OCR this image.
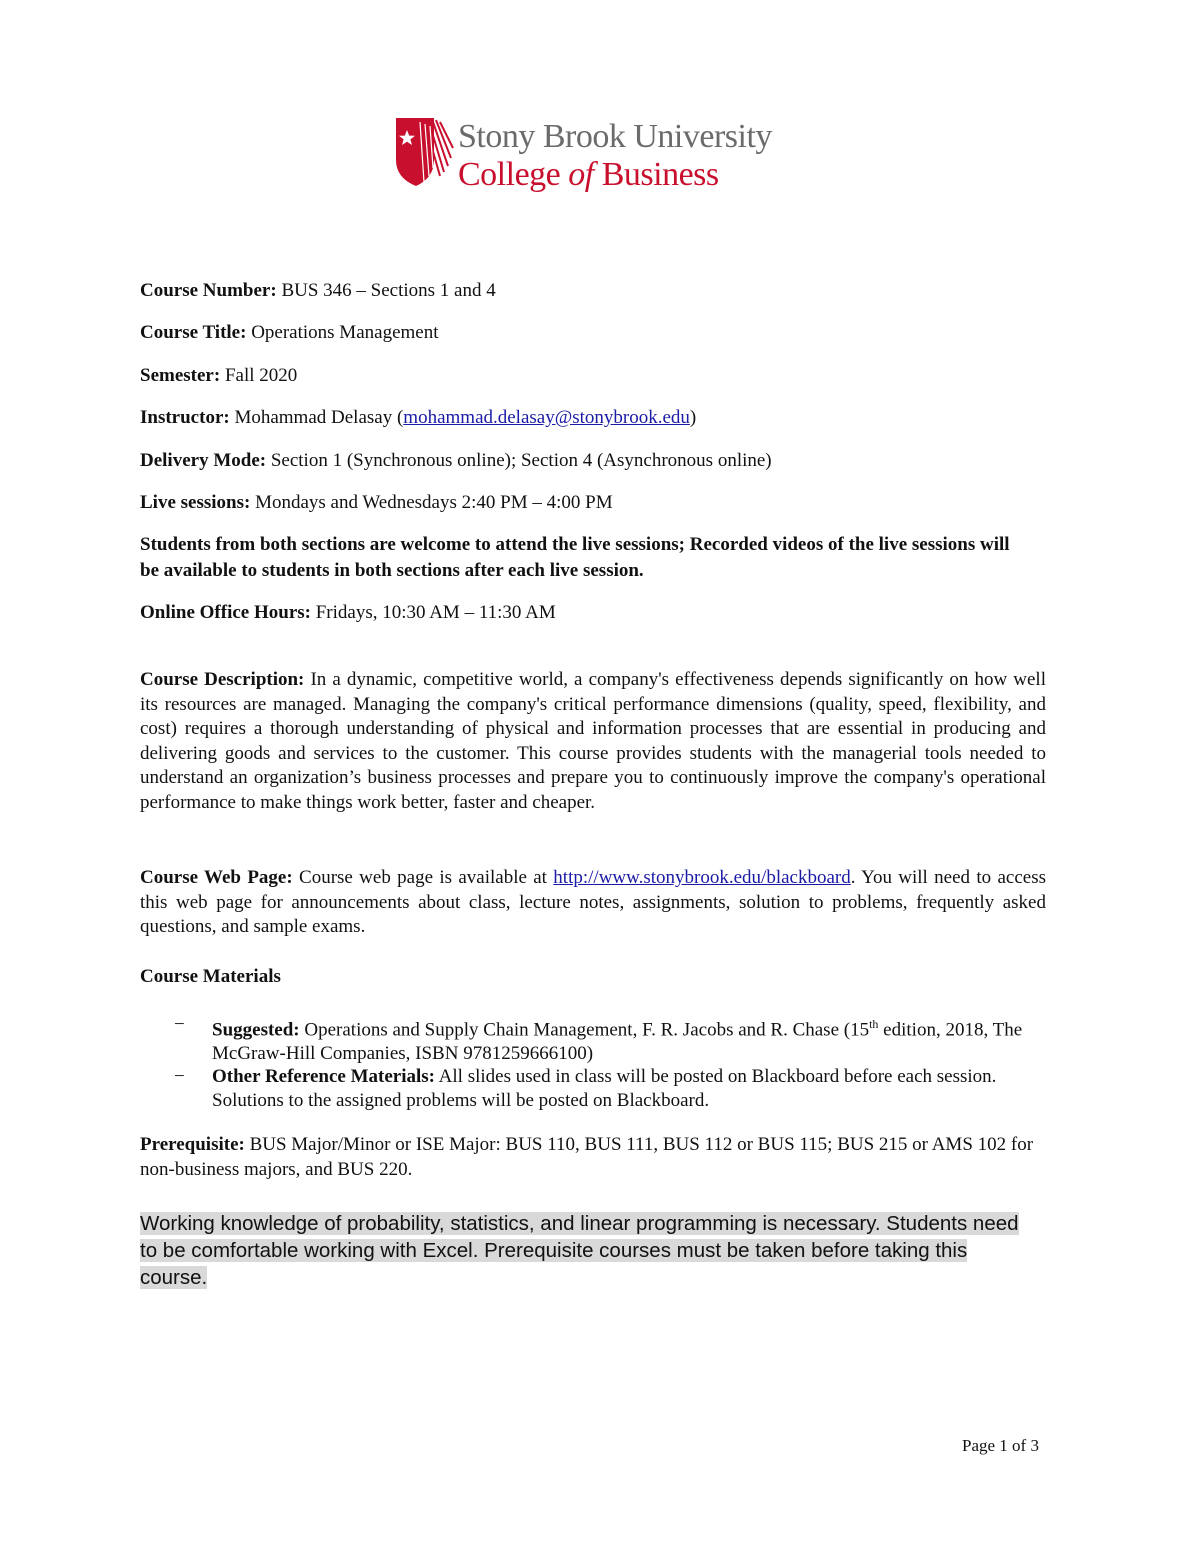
Stony Brook University
College of Business
Course Number: BUS 346 – Sections 1 and 4
Course Title: Operations Management
Semester: Fall 2020
Instructor: Mohammad Delasay (mohammad.delasay@stonybrook.edu)
Delivery Mode: Section 1 (Synchronous online); Section 4 (Asynchronous online)
Live sessions: Mondays and Wednesdays 2:40 PM – 4:00 PM
Students from both sections are welcome to attend the live sessions; Recorded videos of the live sessions will be available to students in both sections after each live session.
Online Office Hours: Fridays, 10:30 AM – 11:30 AM
Course Description: In a dynamic, competitive world, a company's effectiveness depends significantly on how well its resources are managed. Managing the company's critical performance dimensions (quality, speed, flexibility, and cost) requires a thorough understanding of physical and information processes that are essential in producing and delivering goods and services to the customer. This course provides students with the managerial tools needed to understand an organization’s business processes and prepare you to continuously improve the company's operational performance to make things work better, faster and cheaper.
Course Web Page: Course web page is available at http://www.stonybrook.edu/blackboard. You will need to access this web page for announcements about class, lecture notes, assignments, solution to problems, frequently asked questions, and sample exams.
Course Materials
− Suggested: Operations and Supply Chain Management, F. R. Jacobs and R. Chase (15th edition, 2018, The McGraw-Hill Companies, ISBN 9781259666100)
− Other Reference Materials: All slides used in class will be posted on Blackboard before each session. Solutions to the assigned problems will be posted on Blackboard.
Prerequisite: BUS Major/Minor or ISE Major: BUS 110, BUS 111, BUS 112 or BUS 115; BUS 215 or AMS 102 for non-business majors, and BUS 220.
Working knowledge of probability, statistics, and linear programming is necessary. Students need to be comfortable working with Excel. Prerequisite courses must be taken before taking this course.
Page 1 of 3
